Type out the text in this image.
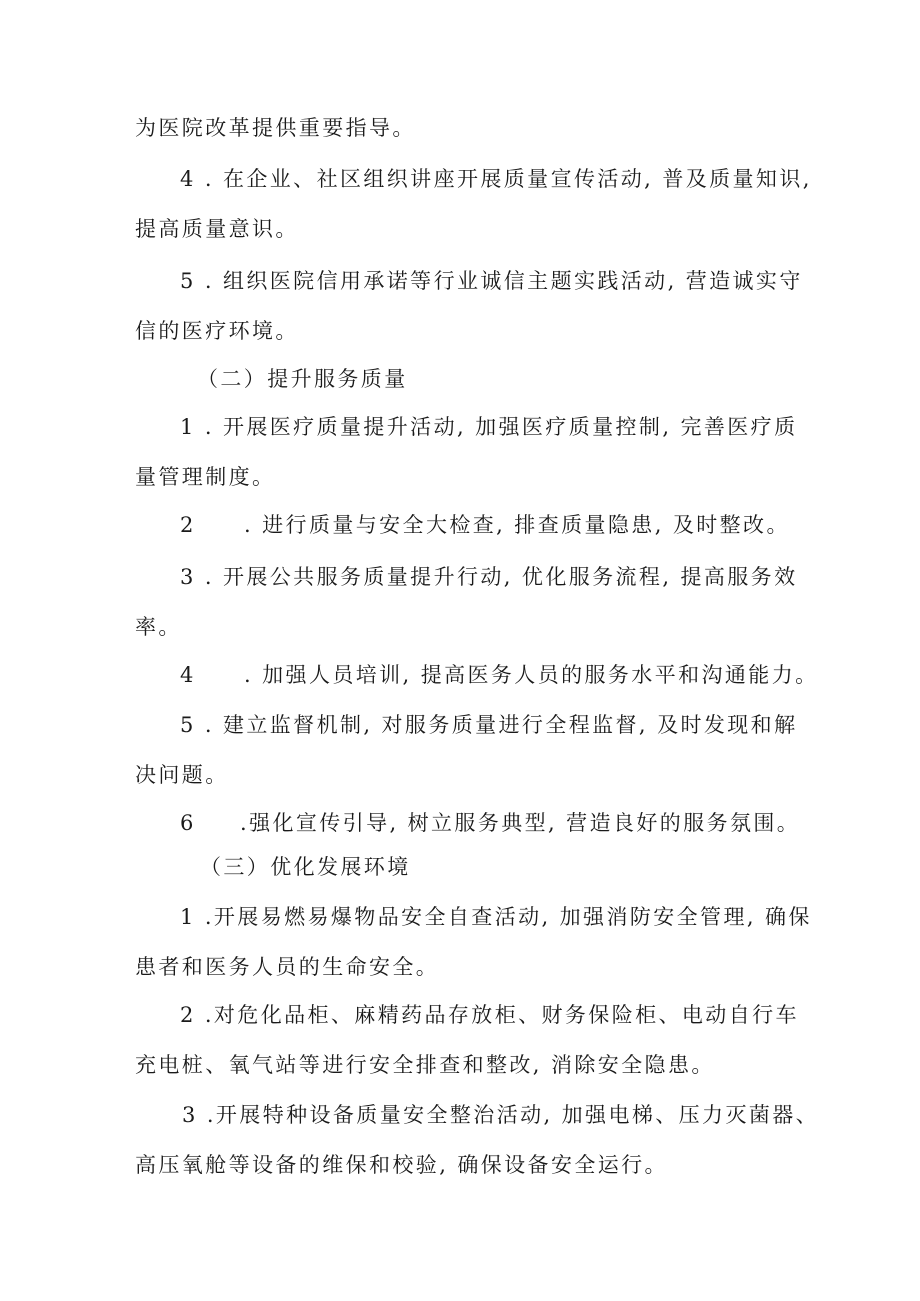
为医院改革提供重要指导。

4 . 在企业、社区组织讲座开展质量宣传活动, 普及质量知识,

提高质量意识。

5 . 组织医院信用承诺等行业诚信主题实践活动, 营造诚实守

信的医疗环境。

（二）提升服务质量

1 . 开展医疗质量提升活动, 加强医疗质量控制, 完善医疗质

量管理制度。

2 . 进行质量与安全大检查, 排查质量隐患, 及时整改。

3 . 开展公共服务质量提升行动, 优化服务流程, 提高服务效

率。

4 . 加强人员培训, 提高医务人员的服务水平和沟通能力。

5 . 建立监督机制, 对服务质量进行全程监督, 及时发现和解

决问题。

6 .强化宣传引导, 树立服务典型, 营造良好的服务氛围。

（三）优化发展环境

1 .开展易燃易爆物品安全自查活动, 加强消防安全管理, 确保

患者和医务人员的生命安全。

2 .对危化品柜、麻精药品存放柜、财务保险柜、电动自行车

充电桩、氧气站等进行安全排查和整改, 消除安全隐患。

3 .开展特种设备质量安全整治活动, 加强电梯、压力灭菌器、

高压氧舱等设备的维保和校验, 确保设备安全运行。
